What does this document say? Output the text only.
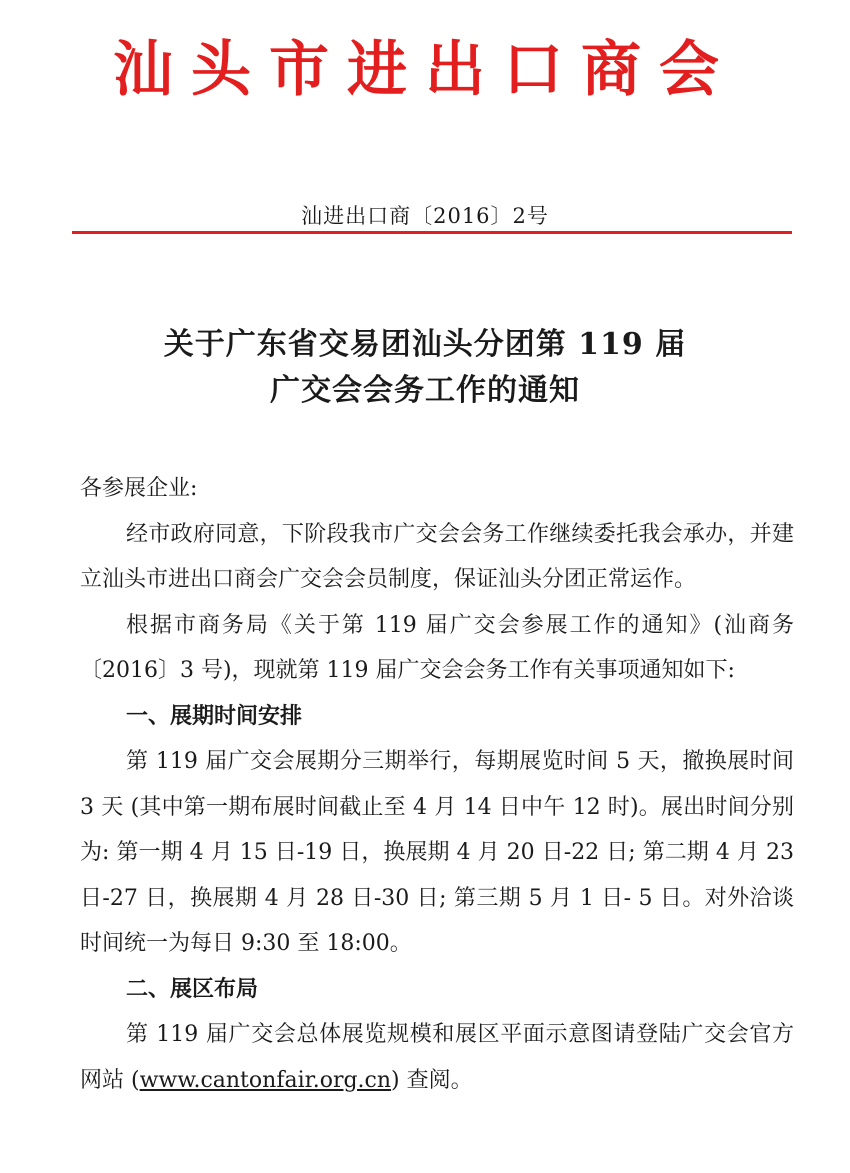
汕头市进出口商会
汕进出口商〔2016〕2号
关于广东省交易团汕头分团第 119 届
广交会会务工作的通知

各参展企业:

经市政府同意，下阶段我市广交会会务工作继续委托我会承办，并建立汕头市进出口商会广交会会员制度，保证汕头分团正常运作。

根据市商务局《关于第 119 届广交会参展工作的通知》(汕商务〔2016〕3 号)，现就第 119 届广交会会务工作有关事项通知如下:

一、展期时间安排

第 119 届广交会展期分三期举行，每期展览时间 5 天，撤换展时间 3 天 (其中第一期布展时间截止至 4 月 14 日中午 12 时)。展出时间分别为: 第一期 4 月 15 日-19 日，换展期 4 月 20 日-22 日; 第二期 4 月 23 日-27 日，换展期 4 月 28 日-30 日; 第三期 5 月 1 日- 5 日。对外洽谈时间统一为每日 9:30 至 18:00。

二、展区布局

第 119 届广交会总体展览规模和展区平面示意图请登陆广交会官方网站 (www.cantonfair.org.cn) 查阅。
